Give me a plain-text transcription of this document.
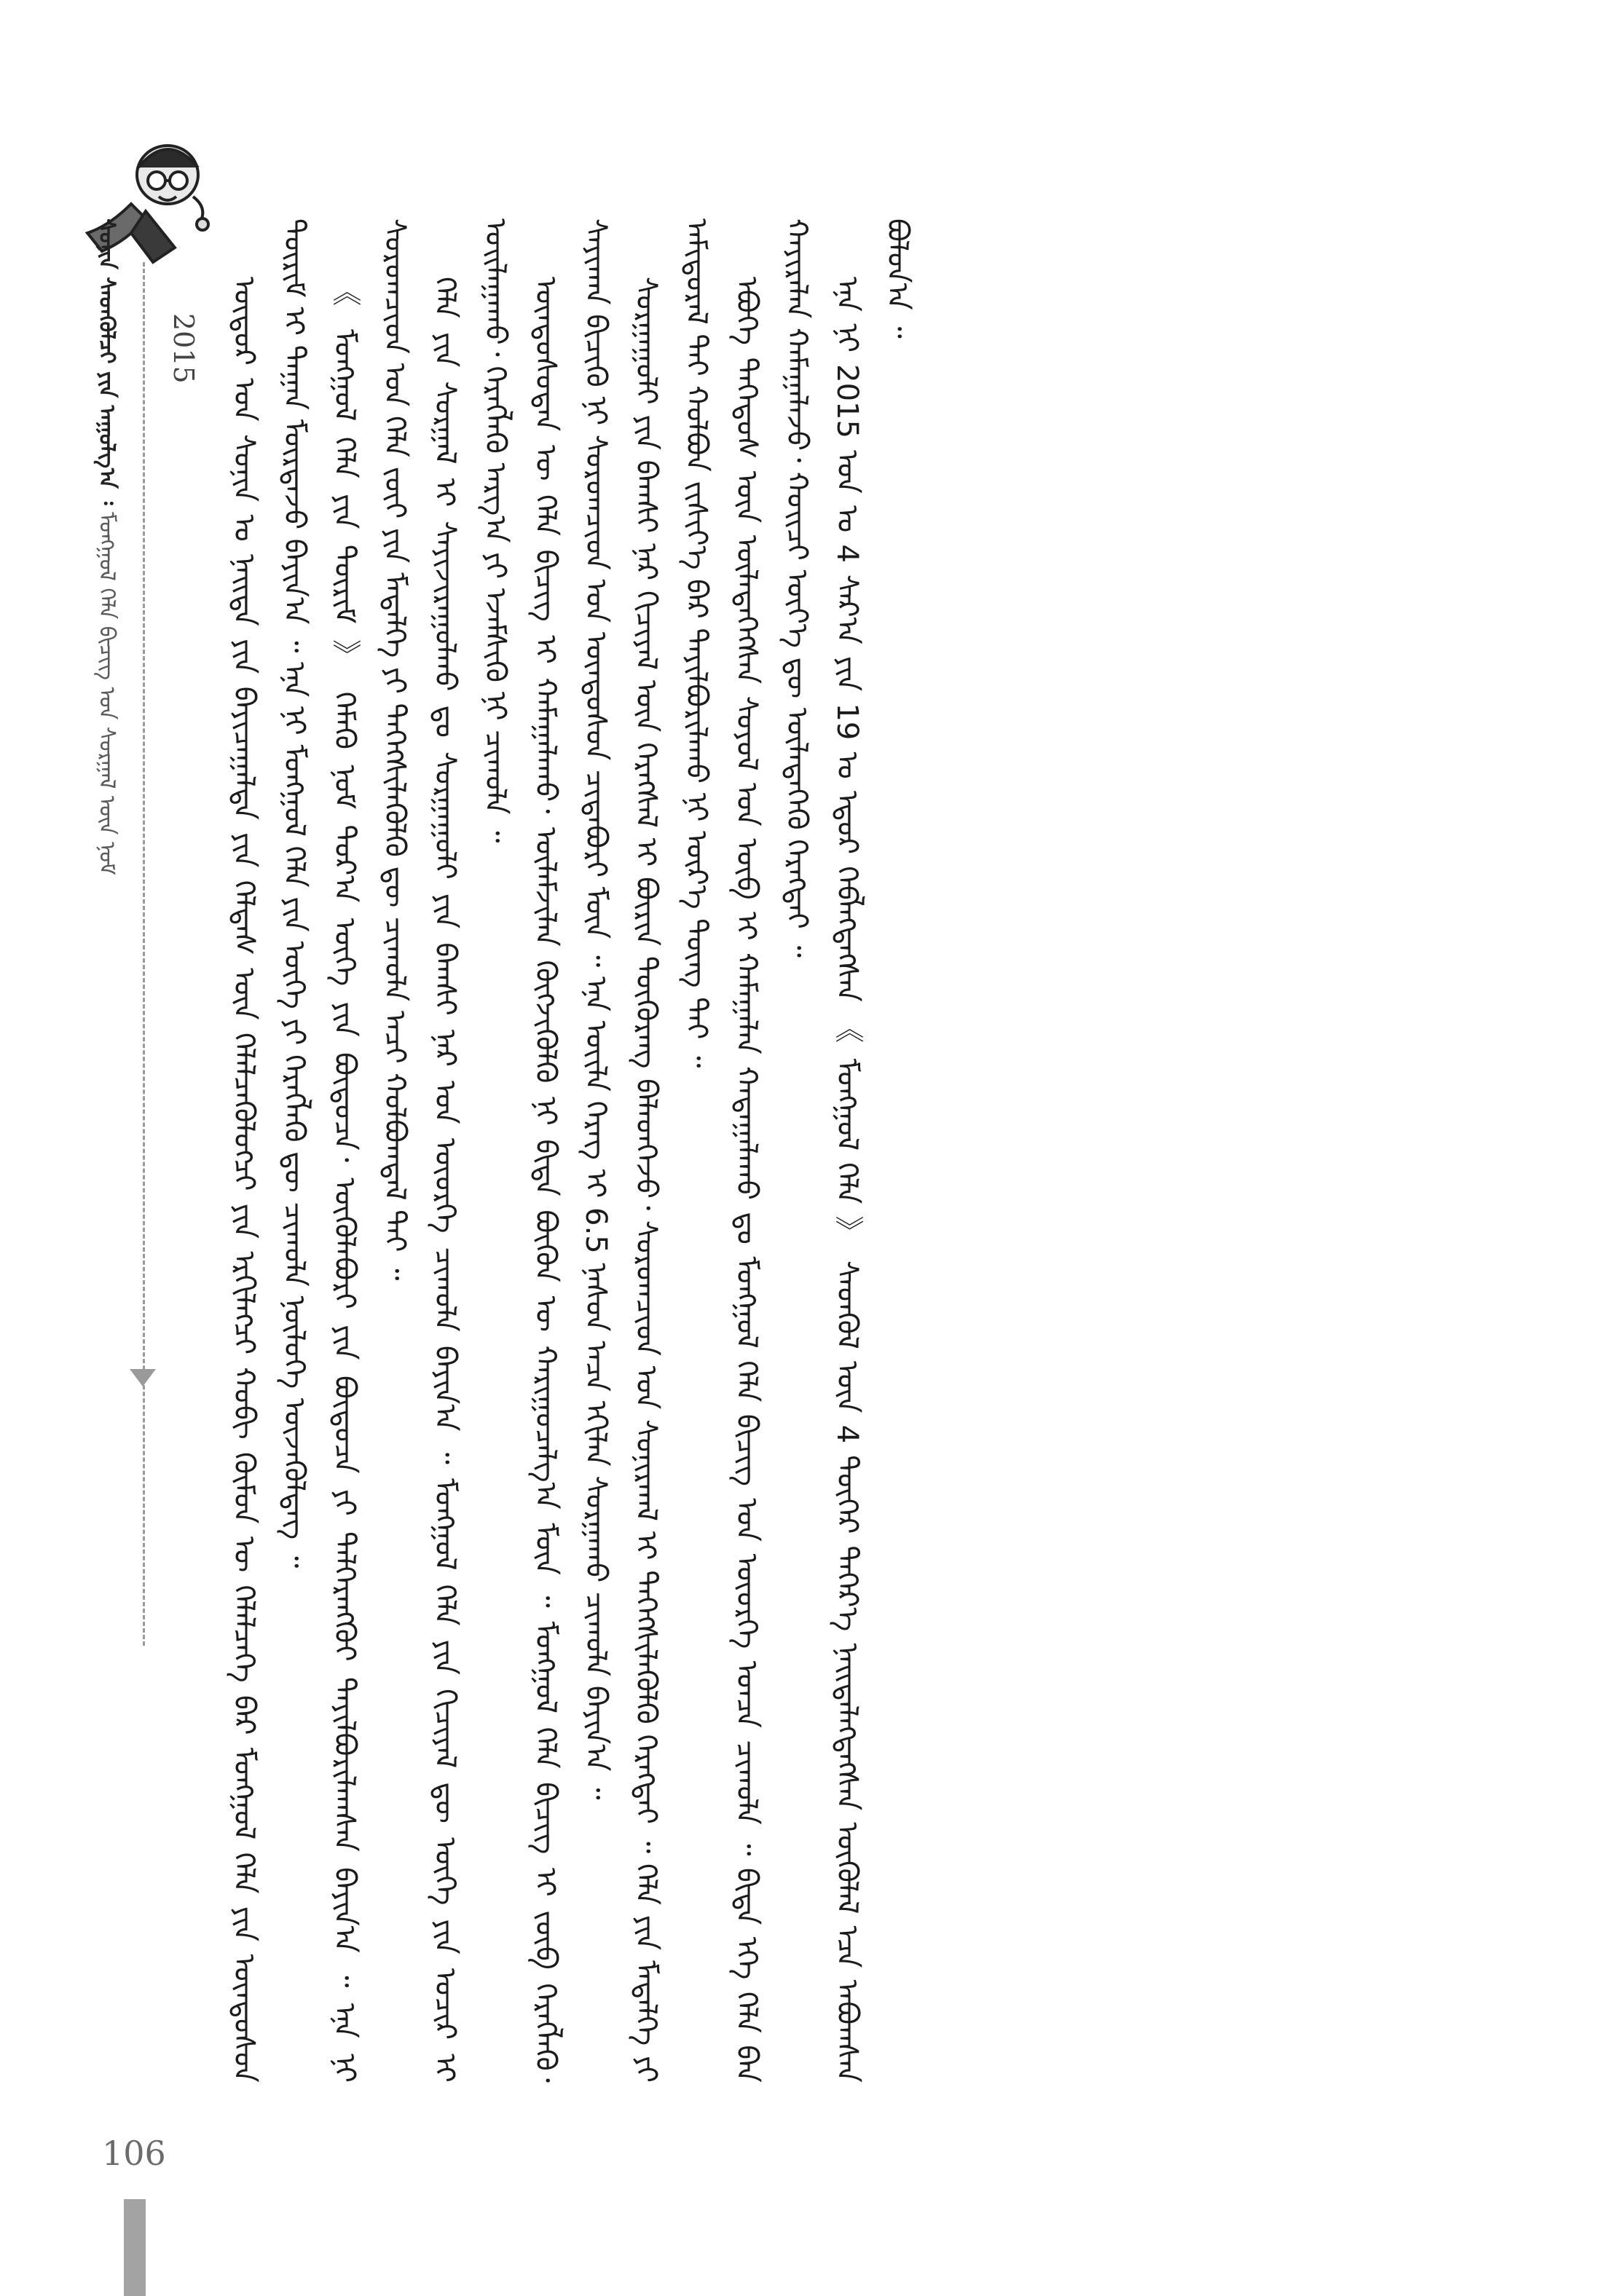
ᠰᠣᠨᠢᠨ ᠰᠡᠳᠭᠦᠯᠴᠢ ᠶᠢᠨ ᠠᠭᠤᠯᠭ᠎ᠠ ᠄ ᠮᠣᠩᠭᠣᠯ ᠬᠡᠯᠡ ᠪᠢᠴᠢᠭ ᠤᠨ ᠰᠤᠷᠭᠠᠯ ᠦᠨ ᠨᠣᠮ
2015 ᠥᠳᠦᠷ ᠤᠨ ᠰᠣᠨᠢᠨ ᠤ ᠨᠡᠢᠲᠡ ᠶᠢᠨ ᠪᠠᠶᠢᠴᠠᠭᠠᠯᠲᠠ ᠶᠢᠨ ᠬᠡᠯᠲᠡᠰ ᠦᠨ ᠬᠡᠯᠡᠯᠴᠡᠭᠦᠯᠦᠭᠴᠢ ᠶᠢᠨ ᠡᠷᠬᠢᠯᠡᠭᠴᠢ ᠬᠤᠪᠢ ᠬᠦᠮᠦᠨ ᠦ ᠬᠡᠯᠡᠯᠴᠡᠭᠡ ᠪᠡᠷ ᠮᠣᠩᠭᠣᠯ ᠬᠡᠯᠡ ᠶᠢᠨ ᠦᠨᠳᠦᠰᠦᠨ ᠳᠦᠷᠢᠮ ᠢ ᠳᠠᠭᠠᠨ ᠮᠦᠷᠳᠡᠵᠦ ᠪᠠᠶᠢᠨ᠎ᠠ ᠃ ᠡᠨᠡ ᠨᠢ ᠮᠣᠩᠭᠣᠯ ᠬᠡᠯᠡ ᠶᠢᠨ ᠦᠭᠡ ᠶᠢ ᠬᠡᠷᠡᠭᠯᠡᠬᠦ ᠳᠦ ᠴᠢᠬᠤᠯᠠ ᠨᠥᠯᠦᠭᠡ ᠦᠵᠡᠭᠦᠯᠳᠡᠭ ᠃ 《 ᠮᠣᠩᠭᠣᠯ ᠬᠡᠯᠡ ᠶᠢᠨ ᠳᠦᠷᠢᠮ 》 ᠬᠡᠮᠡᠬᠦ ᠨᠣᠮ ᠳᠣᠷ᠎ᠠ ᠦᠭᠡ ᠶᠢᠨ ᠪᠦᠲᠦᠴᠡ᠂ ᠦᠭᠦᠯᠡᠪᠦᠷᠢ ᠶᠢᠨ ᠪᠦᠲᠦᠴᠡ ᠶᠢ ᠳᠡᠯᠭᠡᠷᠡᠩᠭᠦᠢ ᠲᠠᠶᠢᠯᠪᠤᠷᠢᠯᠠᠭᠰᠠᠨ ᠪᠠᠶᠢᠨ᠎ᠠ ᠃ ᠡᠨᠡ ᠨᠢ ᠰᠤᠷᠤᠭᠴᠢᠳ ᠤᠨ ᠬᠡᠯᠡ ᠵᠦᠢ ᠶᠢᠨ ᠮᠡᠳᠡᠯᠭᠡ ᠶᠢ ᠳᠡᠭᠡᠭᠰᠢᠯᠡᠭᠦᠯᠬᠦ ᠳᠦ ᠴᠢᠬᠤᠯᠠ ᠠᠴᠢ ᠬᠣᠯᠪᠣᠭᠳᠠᠯ ᠲᠠᠶ ᠃ ᠬᠡᠯᠡ ᠶᠢᠨ ᠰᠤᠷᠭᠠᠯ ᠢ ᠰᠠᠶᠢᠵᠢᠷᠠᠭᠤᠯᠬᠤ ᠳᠤ ᠰᠤᠷᠭᠠᠭᠤᠯᠢ ᠶᠢᠨ ᠪᠠᠭᠰᠢ ᠨᠠᠷ ᠤᠨ ᠦᠦᠷᠭᠡ ᠴᠢᠬᠤᠯᠠ ᠪᠠᠶᠢᠨ᠎ᠠ ᠃ ᠮᠣᠩᠭᠣᠯ ᠬᠡᠯᠡ ᠶᠢᠨ ᠬᠢᠴᠢᠶᠡᠯ ᠳᠦ ᠦᠭᠡ ᠶᠢᠨ ᠤᠴᠢᠷ ᠢ ᠣᠢᠯᠠᠭᠠᠬᠤ᠂ ᠬᠡᠷᠡᠭᠯᠡᠬᠦ ᠠᠷᠭ᠎ᠠ ᠶᠢ ᠡᠵᠡᠮᠰᠢᠬᠦ ᠨᠢ ᠴᠢᠬᠤᠯᠠ ᠃ ᠦᠨᠳᠦᠰᠦᠲᠡᠨ ᠦ ᠬᠡᠯᠡ ᠪᠢᠴᠢᠭ ᠢ ᠬᠠᠮᠠᠭᠠᠯᠠᠬᠤ᠂ ᠦᠯᠡᠮᠵᠢᠯᠡᠨ ᠬᠥᠭᠵᠢᠭᠦᠯᠬᠦ ᠨᠢ ᠪᠢᠳᠡ ᠪᠦᠬᠦᠨ ᠦ ᠬᠠᠷᠢᠭᠤᠴᠠᠯᠭ᠎ᠠ ᠮᠥᠨ ᠃ ᠮᠣᠩᠭᠣᠯ ᠬᠡᠯᠡ ᠪᠢᠴᠢᠭ ᠢ ᠵᠥᠪ ᠬᠡᠷᠡᠭᠯᠡᠬᠦ᠂ ᠰᠠᠶᠢᠬᠠᠨ ᠪᠢᠴᠢᠬᠦ ᠨᠢ ᠰᠤᠷᠤᠭᠴᠢᠳ ᠤᠨ ᠦᠨᠳᠦᠰᠦᠨ ᠴᠢᠳᠠᠪᠤᠷᠢ ᠮᠥᠨ ᠃ ᠡᠨᠡ ᠦᠢᠯᠡ ᠬᠡᠷᠡᠭ ᠢ 6.5 ᠨᠠᠰᠤᠨ ᠠᠴᠠ ᠡᠬᠢᠯᠡᠨ ᠰᠤᠷᠭᠠᠬᠤ ᠴᠢᠬᠤᠯᠠ ᠪᠠᠶᠢᠨ᠎ᠠ ᠃ ᠰᠤᠷᠭᠠᠭᠤᠯᠢ ᠶᠢᠨ ᠪᠠᠭᠰᠢ ᠨᠠᠷ ᠬᠢᠴᠢᠶᠡᠯ ᠦᠨ ᠬᠡᠷᠡᠭᠰᠡᠯ ᠢ ᠪᠦᠷᠢᠨ ᠳᠦᠭᠦᠷᠡᠩ ᠪᠡᠯᠡᠳᠬᠡᠵᠦ᠂ ᠰᠤᠷᠤᠭᠴᠢᠳ ᠤᠨ ᠰᠣᠨᠢᠷᠬᠠᠯ ᠢ ᠳᠡᠭᠡᠭᠰᠢᠯᠡᠭᠦᠯᠬᠦ ᠬᠡᠷᠡᠭᠲᠡᠢ ᠃ ᠬᠡᠯᠡ ᠶᠢᠨ ᠮᠡᠳᠡᠯᠭᠡ ᠶᠢ ᠠᠮᠢᠳᠤᠷᠠᠯ ᠲᠠᠶ ᠬᠣᠯᠪᠣᠨ ᠵᠢᠱᠢᠶ᠎ᠡ ᠪᠡᠷ ᠲᠠᠶᠢᠯᠪᠤᠷᠢᠯᠠᠬᠤ ᠨᠢ ᠦᠷ᠎ᠡ ᠳᠦᠩ ᠲᠠᠶ ᠃ ᠡᠪᠦᠭᠡ ᠳᠡᠭᠡᠳᠦᠰ ᠦᠨ ᠦᠯᠡᠳᠡᠭᠡᠭᠰᠡᠨ ᠰᠣᠶᠣᠯ ᠤᠨ ᠥᠪ ᠢ ᠬᠠᠮᠠᠭᠠᠯᠠᠨ ᠬᠠᠳᠠᠭᠠᠯᠠᠬᠤ ᠳᠤ ᠮᠣᠩᠭᠣᠯ ᠬᠡᠯᠡ ᠪᠢᠴᠢᠭ ᠤᠨ ᠦᠦᠷᠭᠡ ᠣᠨᠴᠠ ᠴᠢᠬᠤᠯᠠ ᠃ ᠪᠢᠳᠡ ᠡᠬᠡ ᠬᠡᠯᠡ ᠪᠡᠨ ᠬᠠᠶᠢᠷᠠᠯᠠᠨ ᠬᠠᠮᠠᠭᠠᠯᠠᠵᠤ᠂ ᠬᠣᠢᠴᠢ ᠦᠶ᠎ᠡ ᠳᠦ ᠦᠯᠡᠳᠡᠭᠡᠬᠦ ᠬᠡᠷᠡᠭᠲᠡᠢ ᠃ ᠡᠨᠡ ᠨᠢ 2015 ᠣᠨ ᠤ 4 ᠰᠠᠷ᠎ᠠ ᠶᠢᠨ 19 ᠤ ᠡᠳᠦᠷ ᠬᠡᠪᠯᠡᠭᠳᠡᠭᠰᠡᠨ 《 ᠮᠣᠩᠭᠣᠯ ᠬᠡᠯᠡ 》 ᠰᠡᠳᠭᠦᠯ ᠦᠨ 4 ᠳᠦᠭᠡᠷ ᠳᠡᠭᠡᠷ᠎ᠡ ᠨᠡᠢᠲᠡᠯᠡᠭᠳᠡᠭᠰᠡᠨ ᠥᠭᠦᠯᠡᠯ ᠡᠴᠡ ᠠᠪᠤᠭᠰᠠᠨ ᠪᠣᠯᠤᠨ᠎ᠠ ᠃

106
